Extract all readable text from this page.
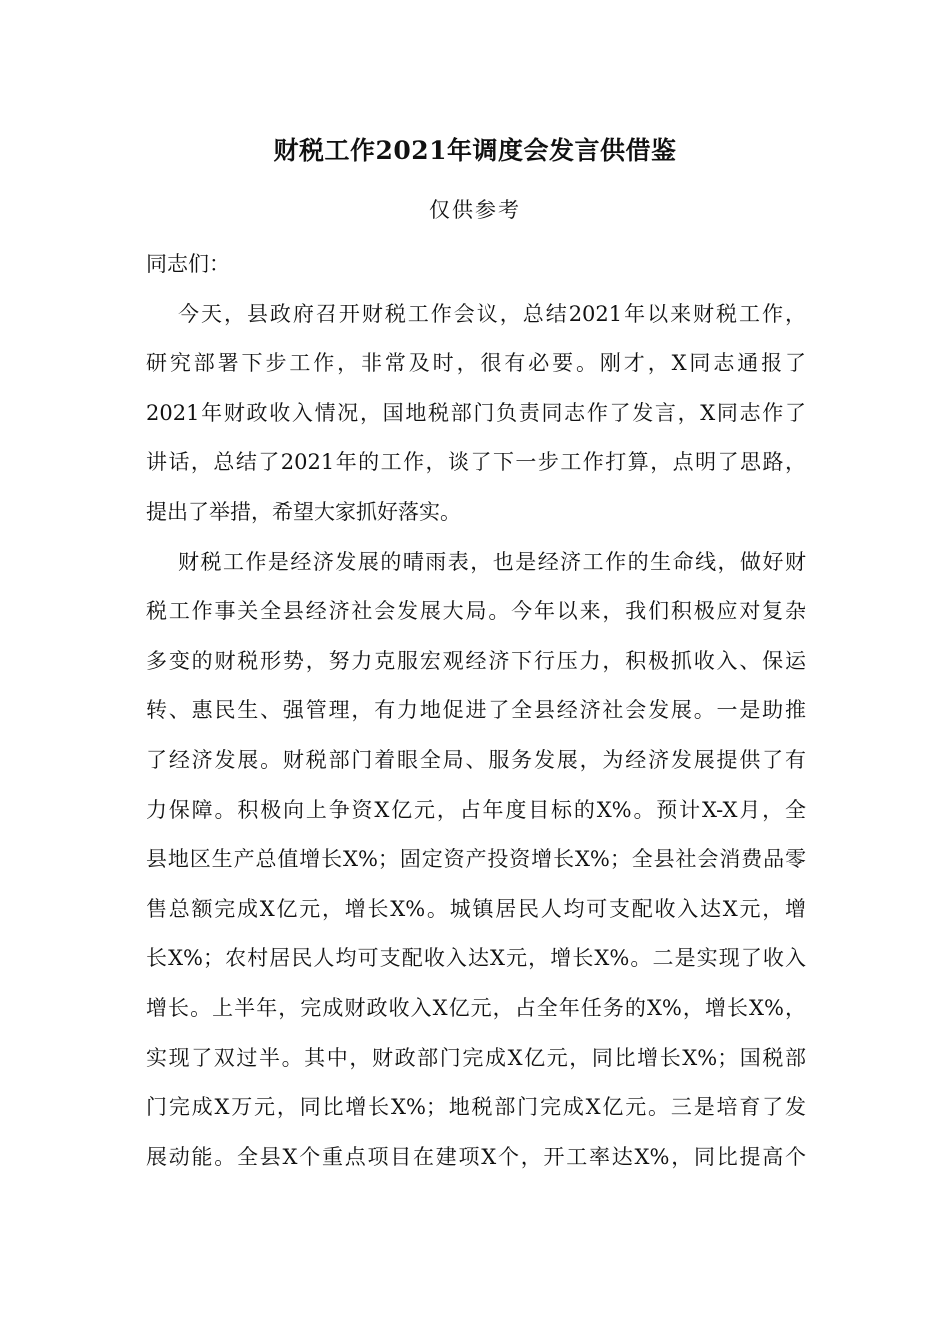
财税工作2021年调度会发言供借鉴
仅供参考
同志们：
今天，县政府召开财税工作会议，总结2021年以来财税工作，
研究部署下步工作，非常及时，很有必要。刚才，X同志通报了
2021年财政收入情况，国地税部门负责同志作了发言，X同志作了
讲话，总结了2021年的工作，谈了下一步工作打算，点明了思路，
提出了举措，希望大家抓好落实。
财税工作是经济发展的晴雨表，也是经济工作的生命线，做好财
税工作事关全县经济社会发展大局。今年以来，我们积极应对复杂
多变的财税形势，努力克服宏观经济下行压力，积极抓收入、保运
转、惠民生、强管理，有力地促进了全县经济社会发展。一是助推
了经济发展。财税部门着眼全局、服务发展，为经济发展提供了有
力保障。积极向上争资X亿元，占年度目标的X%。预计X-X月，全
县地区生产总值增长X%；固定资产投资增长X%；全县社会消费品零
售总额完成X亿元，增长X%。城镇居民人均可支配收入达X元，增
长X%；农村居民人均可支配收入达X元，增长X%。二是实现了收入
增长。上半年，完成财政收入X亿元，占全年任务的X%，增长X%，
实现了双过半。其中，财政部门完成X亿元，同比增长X%；国税部
门完成X万元，同比增长X%；地税部门完成X亿元。三是培育了发
展动能。全县X个重点项目在建项X个，开工率达X%，同比提高个
